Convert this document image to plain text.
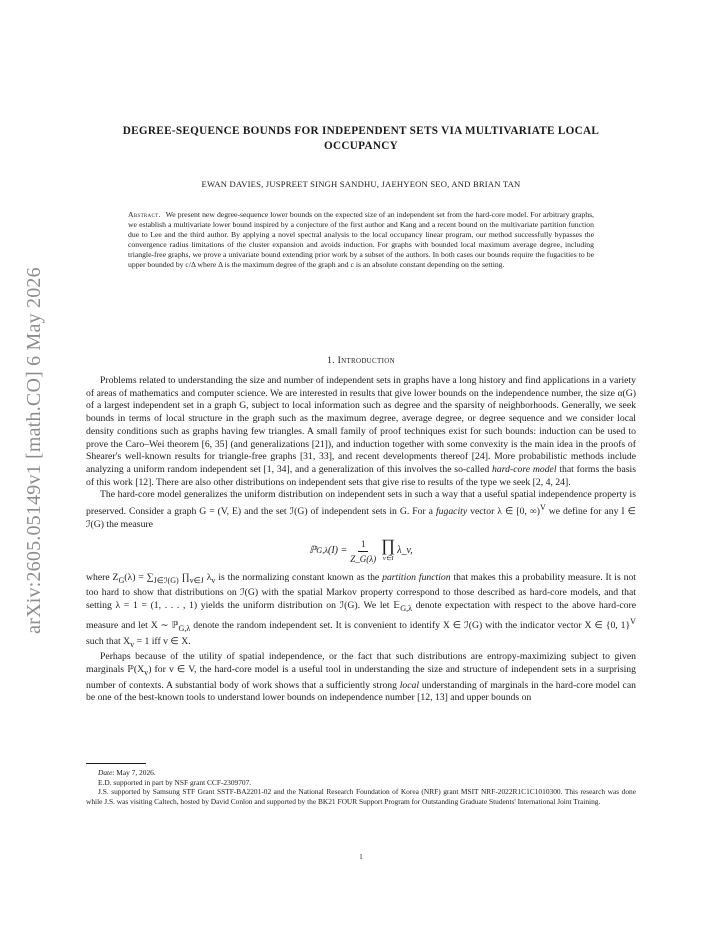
arXiv:2605.05149v1 [math.CO] 6 May 2026
DEGREE-SEQUENCE BOUNDS FOR INDEPENDENT SETS VIA MULTIVARIATE LOCAL OCCUPANCY
EWAN DAVIES, JUSPREET SINGH SANDHU, JAEHYEON SEO, AND BRIAN TAN
Abstract. We present new degree-sequence lower bounds on the expected size of an independent set from the hard-core model. For arbitrary graphs, we establish a multivariate lower bound inspired by a conjecture of the first author and Kang and a recent bound on the multivariate partition function due to Lee and the third author. By applying a novel spectral analysis to the local occupancy linear program, our method successfully bypasses the convergence radius limitations of the cluster expansion and avoids induction. For graphs with bounded local maximum average degree, including triangle-free graphs, we prove a univariate bound extending prior work by a subset of the authors. In both cases our bounds require the fugacities to be upper bounded by c/Δ where Δ is the maximum degree of the graph and c is an absolute constant depending on the setting.
1. Introduction

Problems related to understanding the size and number of independent sets in graphs have a long history and find applications in a variety of areas of mathematics and computer science. We are interested in results that give lower bounds on the independence number, the size α(G) of a largest independent set in a graph G, subject to local information such as degree and the sparsity of neighborhoods. Generally, we seek bounds in terms of local structure in the graph such as the maximum degree, average degree, or degree sequence and we consider local density conditions such as graphs having few triangles. A small family of proof techniques exist for such bounds: induction can be used to prove the Caro–Wei theorem [6, 35] (and generalizations [21]), and induction together with some convexity is the main idea in the proofs of Shearer's well-known results for triangle-free graphs [31, 33], and recent developments thereof [24]. More probabilistic methods include analyzing a uniform random independent set [1, 34], and a generalization of this involves the so-called hard-core model that forms the basis of this work [12]. There are also other distributions on independent sets that give rise to results of the type we seek [2, 4, 24].

The hard-core model generalizes the uniform distribution on independent sets in such a way that a useful spatial independence property is preserved. Consider a graph G = (V, E) and the set ℐ(G) of independent sets in G. For a fugacity vector λ ∈ [0, ∞)$^V$ we define for any I ∈ ℐ(G) the measure

ℙ G,λ $(I) = \frac{1}{Z\_G(\lambda)}$ ∏
v∈I
λ_v,

where $Z_G(\lambda) = \sum_{J\in ℐ(G)}$ $\prod_{v\in J}$ $\lambda_v$ is the normalizing constant known as the partition function that makes this a probability measure. It is not too hard to show that distributions on ℐ(G) with the spatial Markov property correspond to those described as hard-core models, and that setting λ = 1 = (1, . . . , 1) yields the uniform distribution on ℐ(G). We let 𝔼$_{G,\lambda}$ denote expectation with respect to the above hard-core measure and let X ∼ ℙ$_{G,\lambda}$ denote the random independent set. It is convenient to identify X ∈ ℐ(G) with the indicator vector X ∈ {0, 1}$^V$ such that $X_v = 1$ iff v ∈ X.

Perhaps because of the utility of spatial independence, or the fact that such distributions are entropy-maximizing subject to given marginals $ℙ(X_v)$ for v ∈ V, the hard-core model is a useful tool in understanding the size and structure of independent sets in a surprising number of contexts. A substantial body of work shows that a sufficiently strong local understanding of marginals in the hard-core model can be one of the best-known tools to understand lower bounds on independence number [12, 13] and upper bounds on

Date: May 7, 2026.

E.D. supported in part by NSF grant CCF-2309707.

J.S. supported by Samsung STF Grant SSTF-BA2201-02 and the National Research Foundation of Korea (NRF) grant MSIT NRF-2022R1C1C1010300. This research was done while J.S. was visiting Caltech, hosted by David Conlon and supported by the BK21 FOUR Support Program for Outstanding Graduate Students' International Joint Training.

1
